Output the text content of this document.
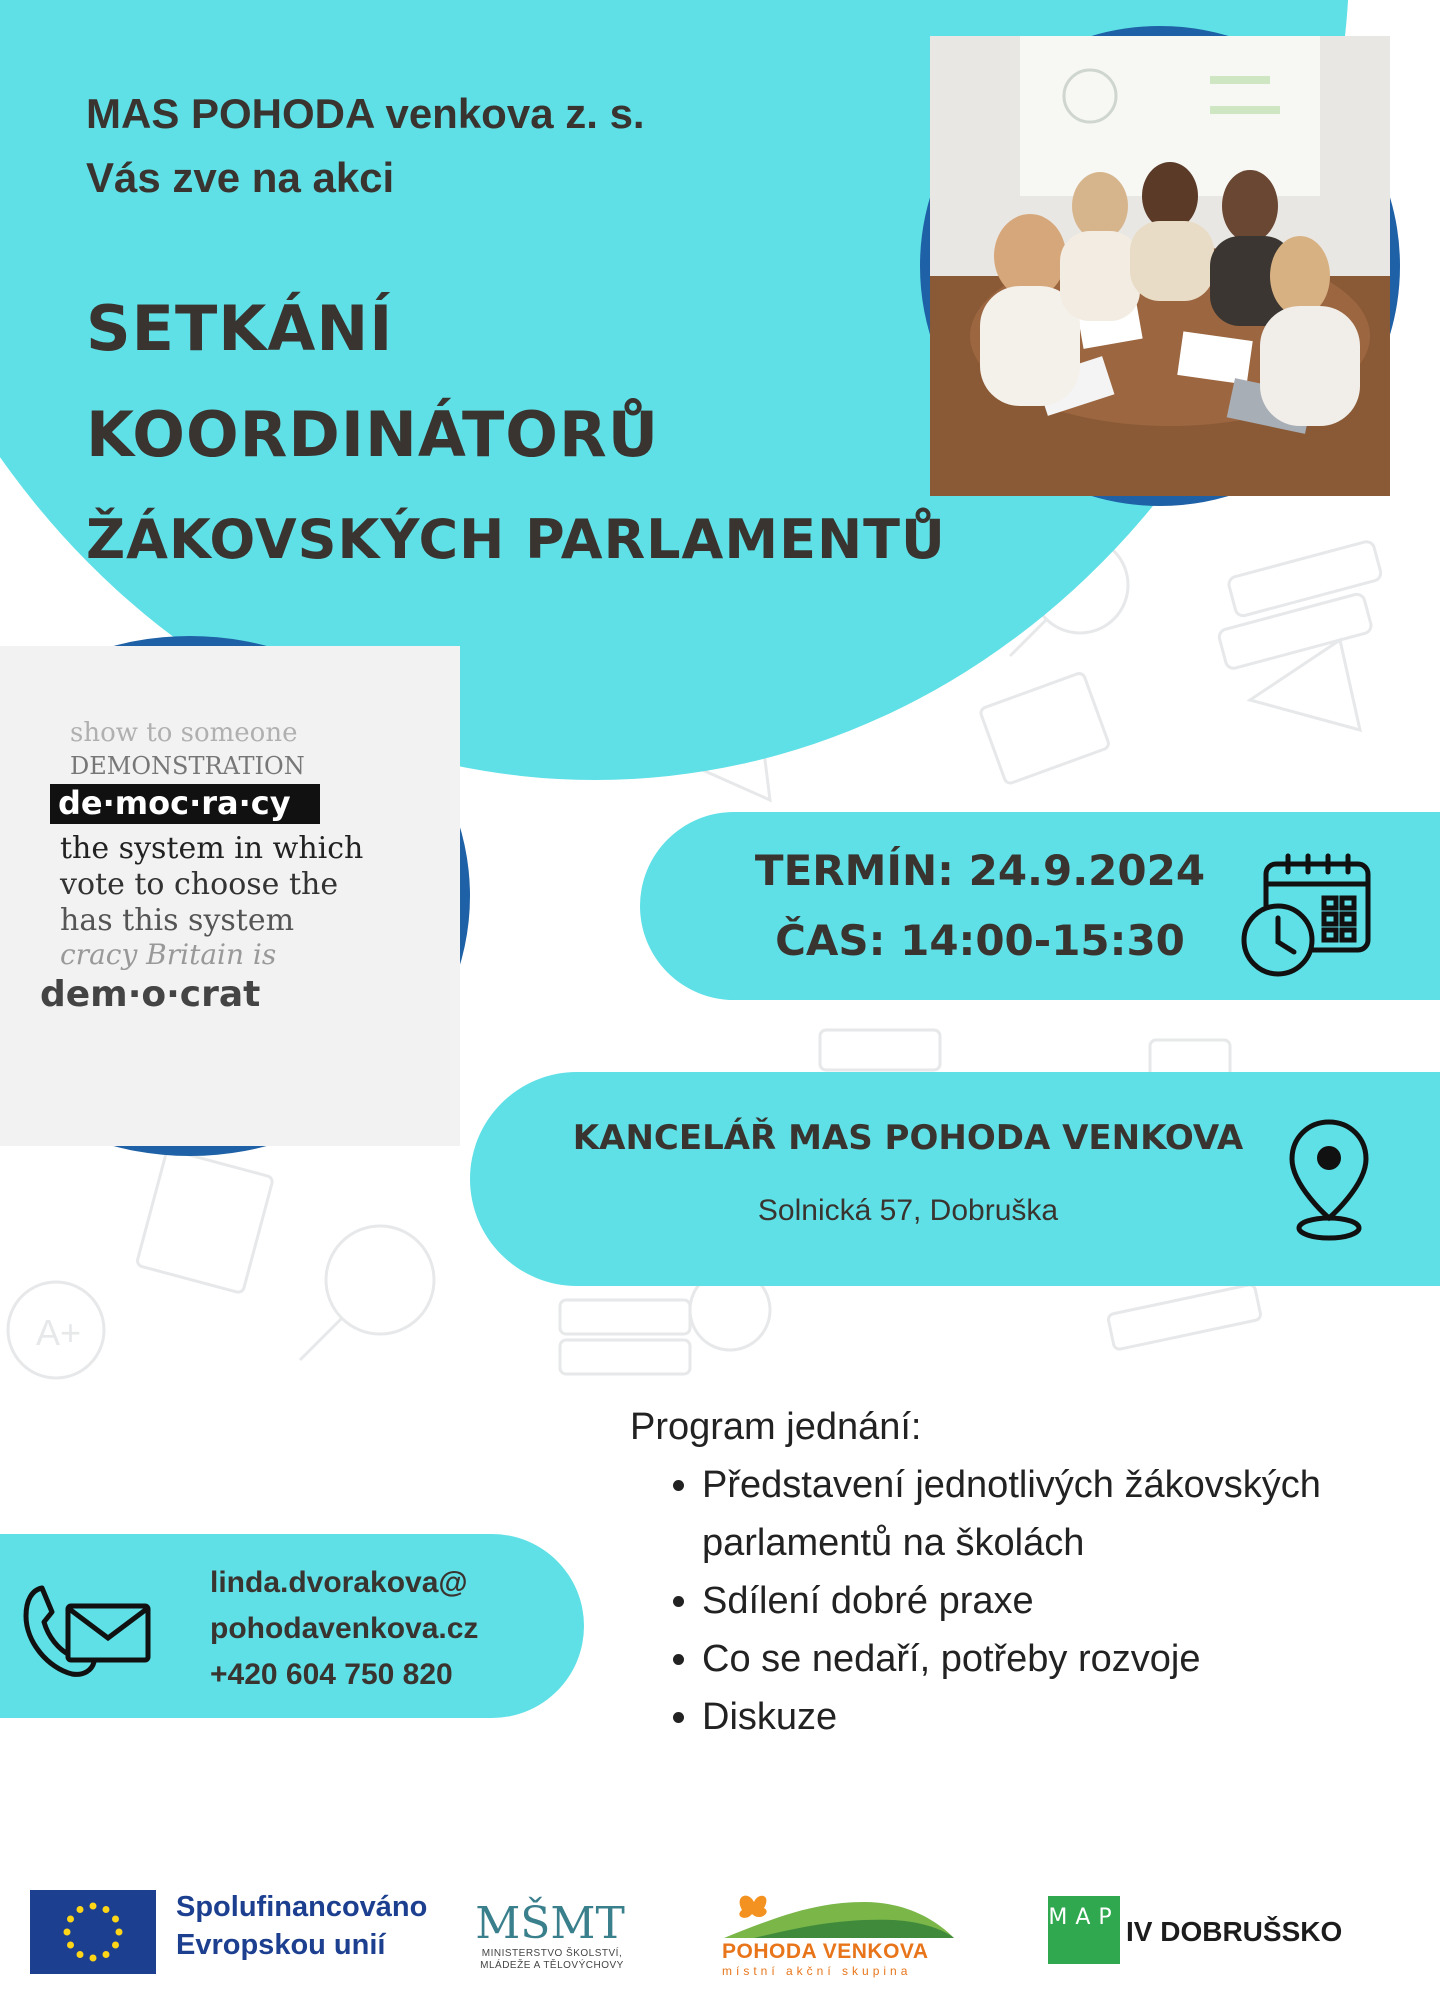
A+
MAS POHODA venkova z. s.
Vás zve na akci
SETKÁNÍ
KOORDINÁTORŮ
ŽÁKOVSKÝCH PARLAMENTŮ
show to someone
DEMONSTRATION
de·moc·ra·cy
the system in which
vote to choose the
has this system
cracy Britain is
dem·o·crat
TERMÍN: 24.9.2024
ČAS: 14:00-15:30
KANCELÁŘ MAS POHODA VENKOVA
Solnická 57, Dobruška
linda.dvorakova@
pohodavenkova.cz
+420 604 750 820
Program jednání:
• Představení jednotlivých žákovských parlamentů na školách
• Sdílení dobré praxe
• Co se nedaří, potřeby rozvoje
• Diskuze
Spolufinancováno
Evropskou unií	MŠMT
MINISTERSTVO ŠKOLSTVÍ, MLÁDEŽE A TĚLOVÝCHOVY
POHODA VENKOVA
místní akční skupina
MAP IV DOBRUŠSKO
